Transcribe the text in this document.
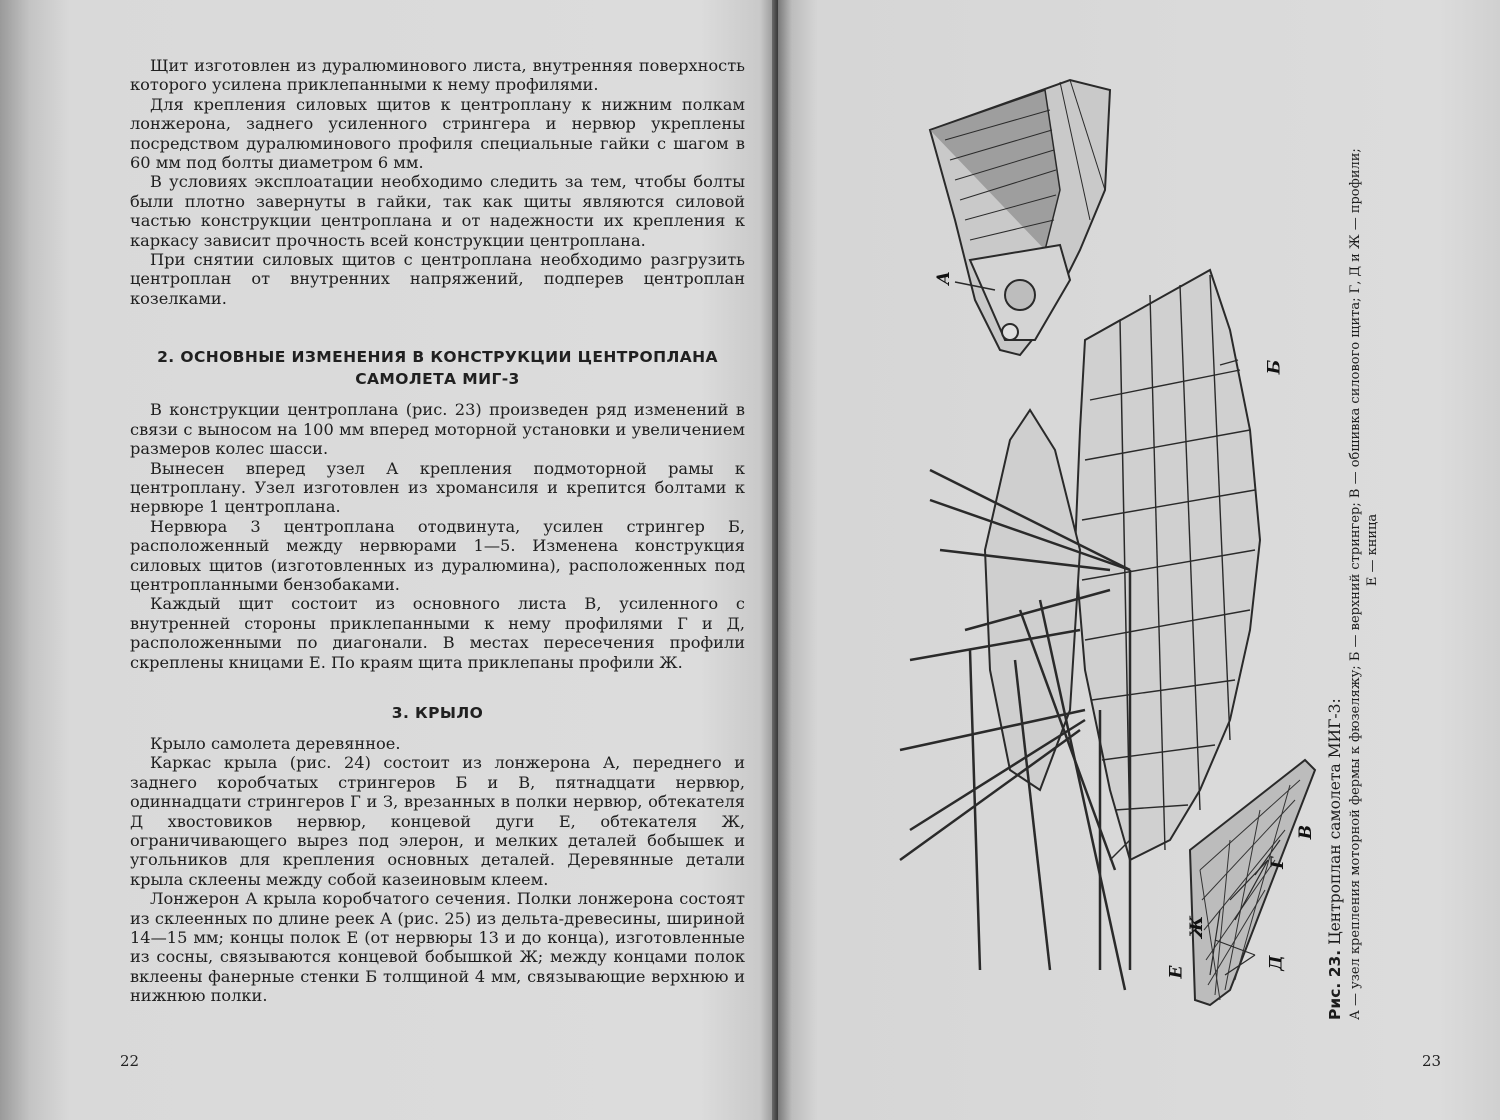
Щит изготовлен из дуралюминового листа, внутренняя поверхность которого усилена приклепанными к нему профилями.

Для крепления силовых щитов к центроплану к нижним полкам лонжерона, заднего усиленного стрингера и нервюр укреплены посредством дуралюминового профиля специальные гайки с шагом в 60 мм под болты диаметром 6 мм.

В условиях эксплоатации необходимо следить за тем, чтобы болты были плотно завернуты в гайки, так как щиты являются силовой частью конструкции центроплана и от надежности их крепления к каркасу зависит прочность всей конструкции центроплана.

При снятии силовых щитов с центроплана необходимо разгрузить центроплан от внутренних напряжений, подперев центроплан козелками.

2. ОСНОВНЫЕ ИЗМЕНЕНИЯ В КОНСТРУКЦИИ ЦЕНТРОПЛАНА
САМОЛЕТА МИГ-3

В конструкции центроплана (рис. 23) произведен ряд изменений в связи с выносом на 100 мм вперед моторной установки и увеличением размеров колес шасси.

Вынесен вперед узел А крепления подмоторной рамы к центроплану. Узел изготовлен из хромансиля и крепится болтами к нервюре 1 центроплана.

Нервюра 3 центроплана отодвинута, усилен стрингер Б, расположенный между нервюрами 1—5. Изменена конструкция силовых щитов (изготовленных из дуралюмина), расположенных под центропланными бензобаками.

Каждый щит состоит из основного листа В, усиленного с внутренней стороны приклепанными к нему профилями Г и Д, расположенными по диагонали. В местах пересечения профили скреплены кницами Е. По краям щита приклепаны профили Ж.

3. КРЫЛО

Крыло самолета деревянное.

Каркас крыла (рис. 24) состоит из лонжерона А, переднего и заднего коробчатых стрингеров Б и В, пятнадцати нервюр, одиннадцати стрингеров Г и З, врезанных в полки нервюр, обтекателя Д хвостовиков нервюр, концевой дуги Е, обтекателя Ж, ограничивающего вырез под элерон, и мелких деталей бобышек и угольников для крепления основных деталей. Деревянные детали крыла склеены между собой казеиновым клеем.

Лонжерон А крыла коробчатого сечения. Полки лонжерона состоят из склеенных по длине реек А (рис. 25) из дельта-древесины, шириной 14—15 мм; концы полок Е (от нервюры 13 и до конца), изготовленные из сосны, связываются концевой бобышкой Ж; между концами полок вклеены фанерные стенки Б толщиной 4 мм, связывающие верхнюю и нижнюю полки.

22	23
А
Б
В
Г
Д
Ж
Е	Рис. 23. Центроплан самолета МИГ-3: А — узел крепления моторной фермы к фюзеляжу; Б — верхний стрингер; В — обшивка силового щита; Г, Д и Ж — профили; Е — кница
